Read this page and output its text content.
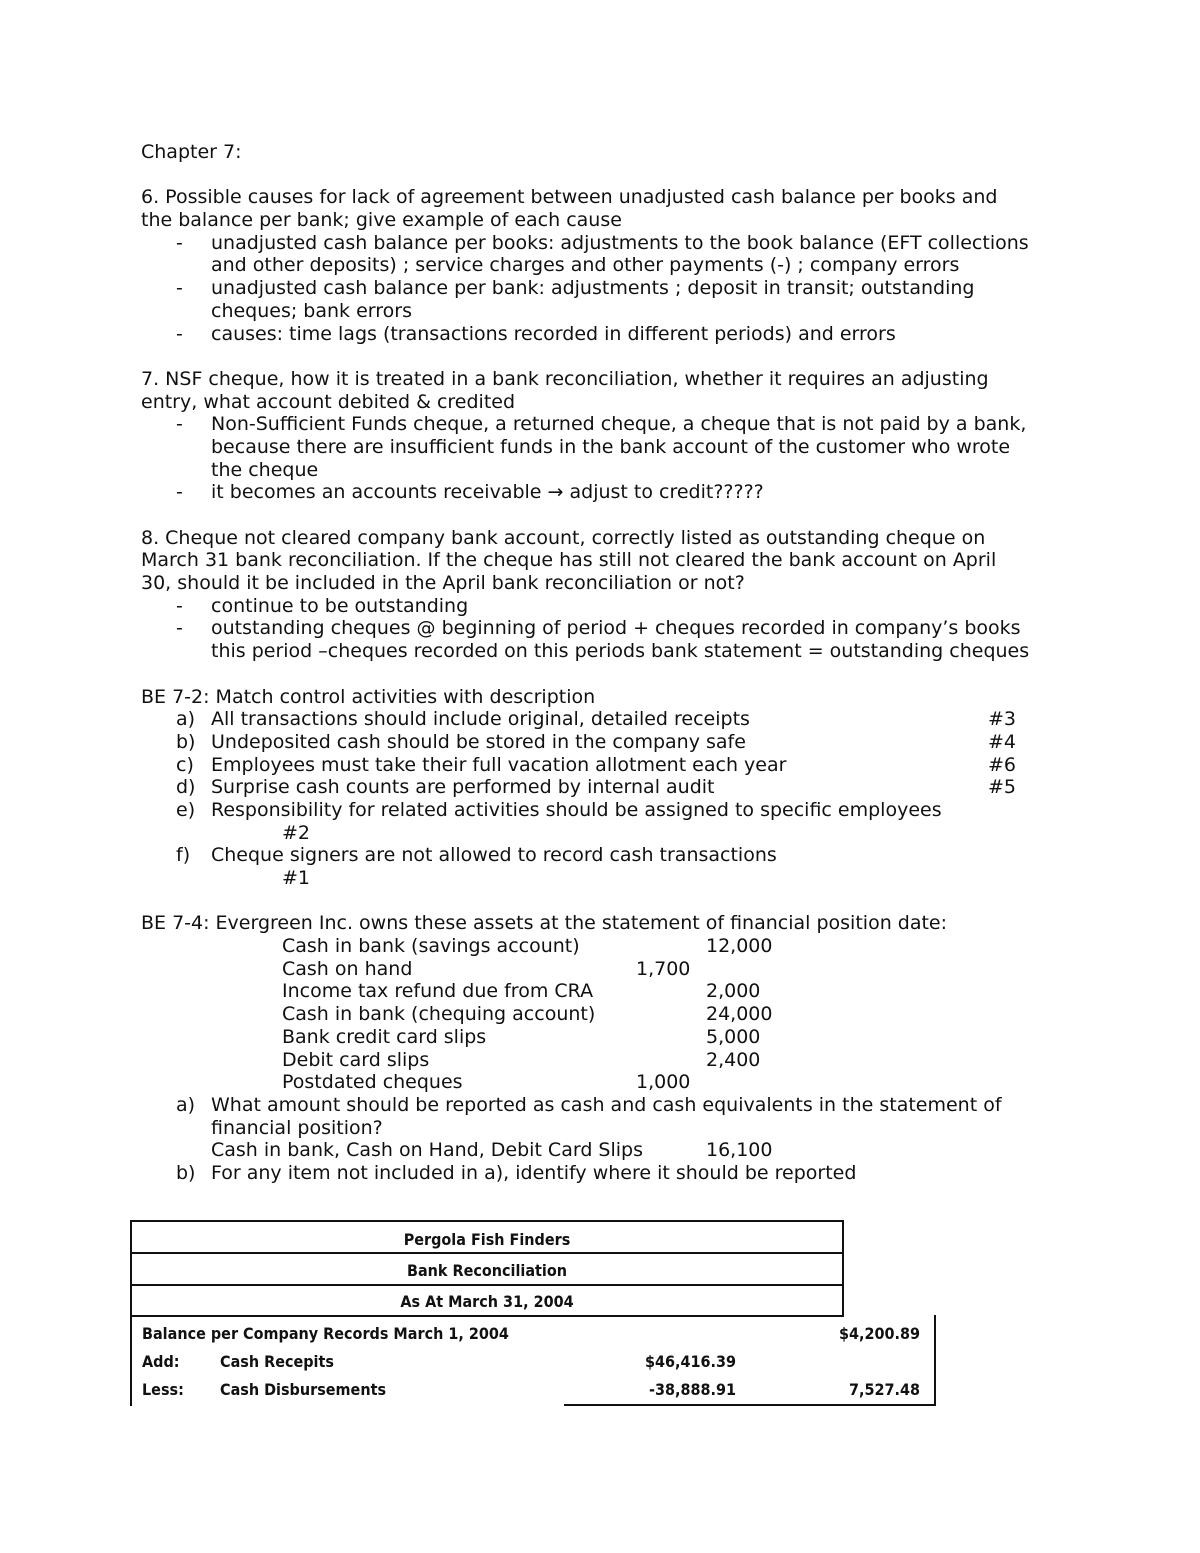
Chapter 7:
6. Possible causes for lack of agreement between unadjusted cash balance per books and
the balance per bank; give example of each cause
- unadjusted cash balance per books: adjustments to the book balance (EFT collections
and other deposits) ; service charges and other payments (-) ; company errors
- unadjusted cash balance per bank: adjustments ; deposit in transit; outstanding
cheques; bank errors
- causes: time lags (transactions recorded in different periods) and errors
7. NSF cheque, how it is treated in a bank reconciliation, whether it requires an adjusting
entry, what account debited & credited
- Non-Sufficient Funds cheque, a returned cheque, a cheque that is not paid by a bank,
because there are insufficient funds in the bank account of the customer who wrote
the cheque
- it becomes an accounts receivable → adjust to credit?????
8. Cheque not cleared company bank account, correctly listed as outstanding cheque on
March 31 bank reconciliation. If the cheque has still not cleared the bank account on April
30, should it be included in the April bank reconciliation or not?
- continue to be outstanding
- outstanding cheques @ beginning of period + cheques recorded in company’s books
this period –cheques recorded on this periods bank statement = outstanding cheques
BE 7-2: Match control activities with description
a) All transactions should include original, detailed receipts	#3
b) Undeposited cash should be stored in the company safe	#4
c) Employees must take their full vacation allotment each year	#6
d) Surprise cash counts are performed by internal audit	#5
e) Responsibility for related activities should be assigned to specific employees
#2
f) Cheque signers are not allowed to record cash transactions
#1
BE 7-4: Evergreen Inc. owns these assets at the statement of financial position date:
Cash in bank (savings account)	12,000
Cash on hand	1,700
Income tax refund due from CRA	2,000
Cash in bank (chequing account)	24,000
Bank credit card slips	5,000
Debit card slips	2,400
Postdated cheques	1,000
a) What amount should be reported as cash and cash equivalents in the statement of
financial position?
Cash in bank, Cash on Hand, Debit Card Slips	16,100
b) For any item not included in a), identify where it should be reported
Pergola Fish Finders
Bank Reconciliation
As At March 31, 2004
Balance per Company Records March 1, 2004	$4,200.89
Add:	Cash Recepits	$46,416.39
Less: Cash Disbursements	-38,888.91	7,527.48
